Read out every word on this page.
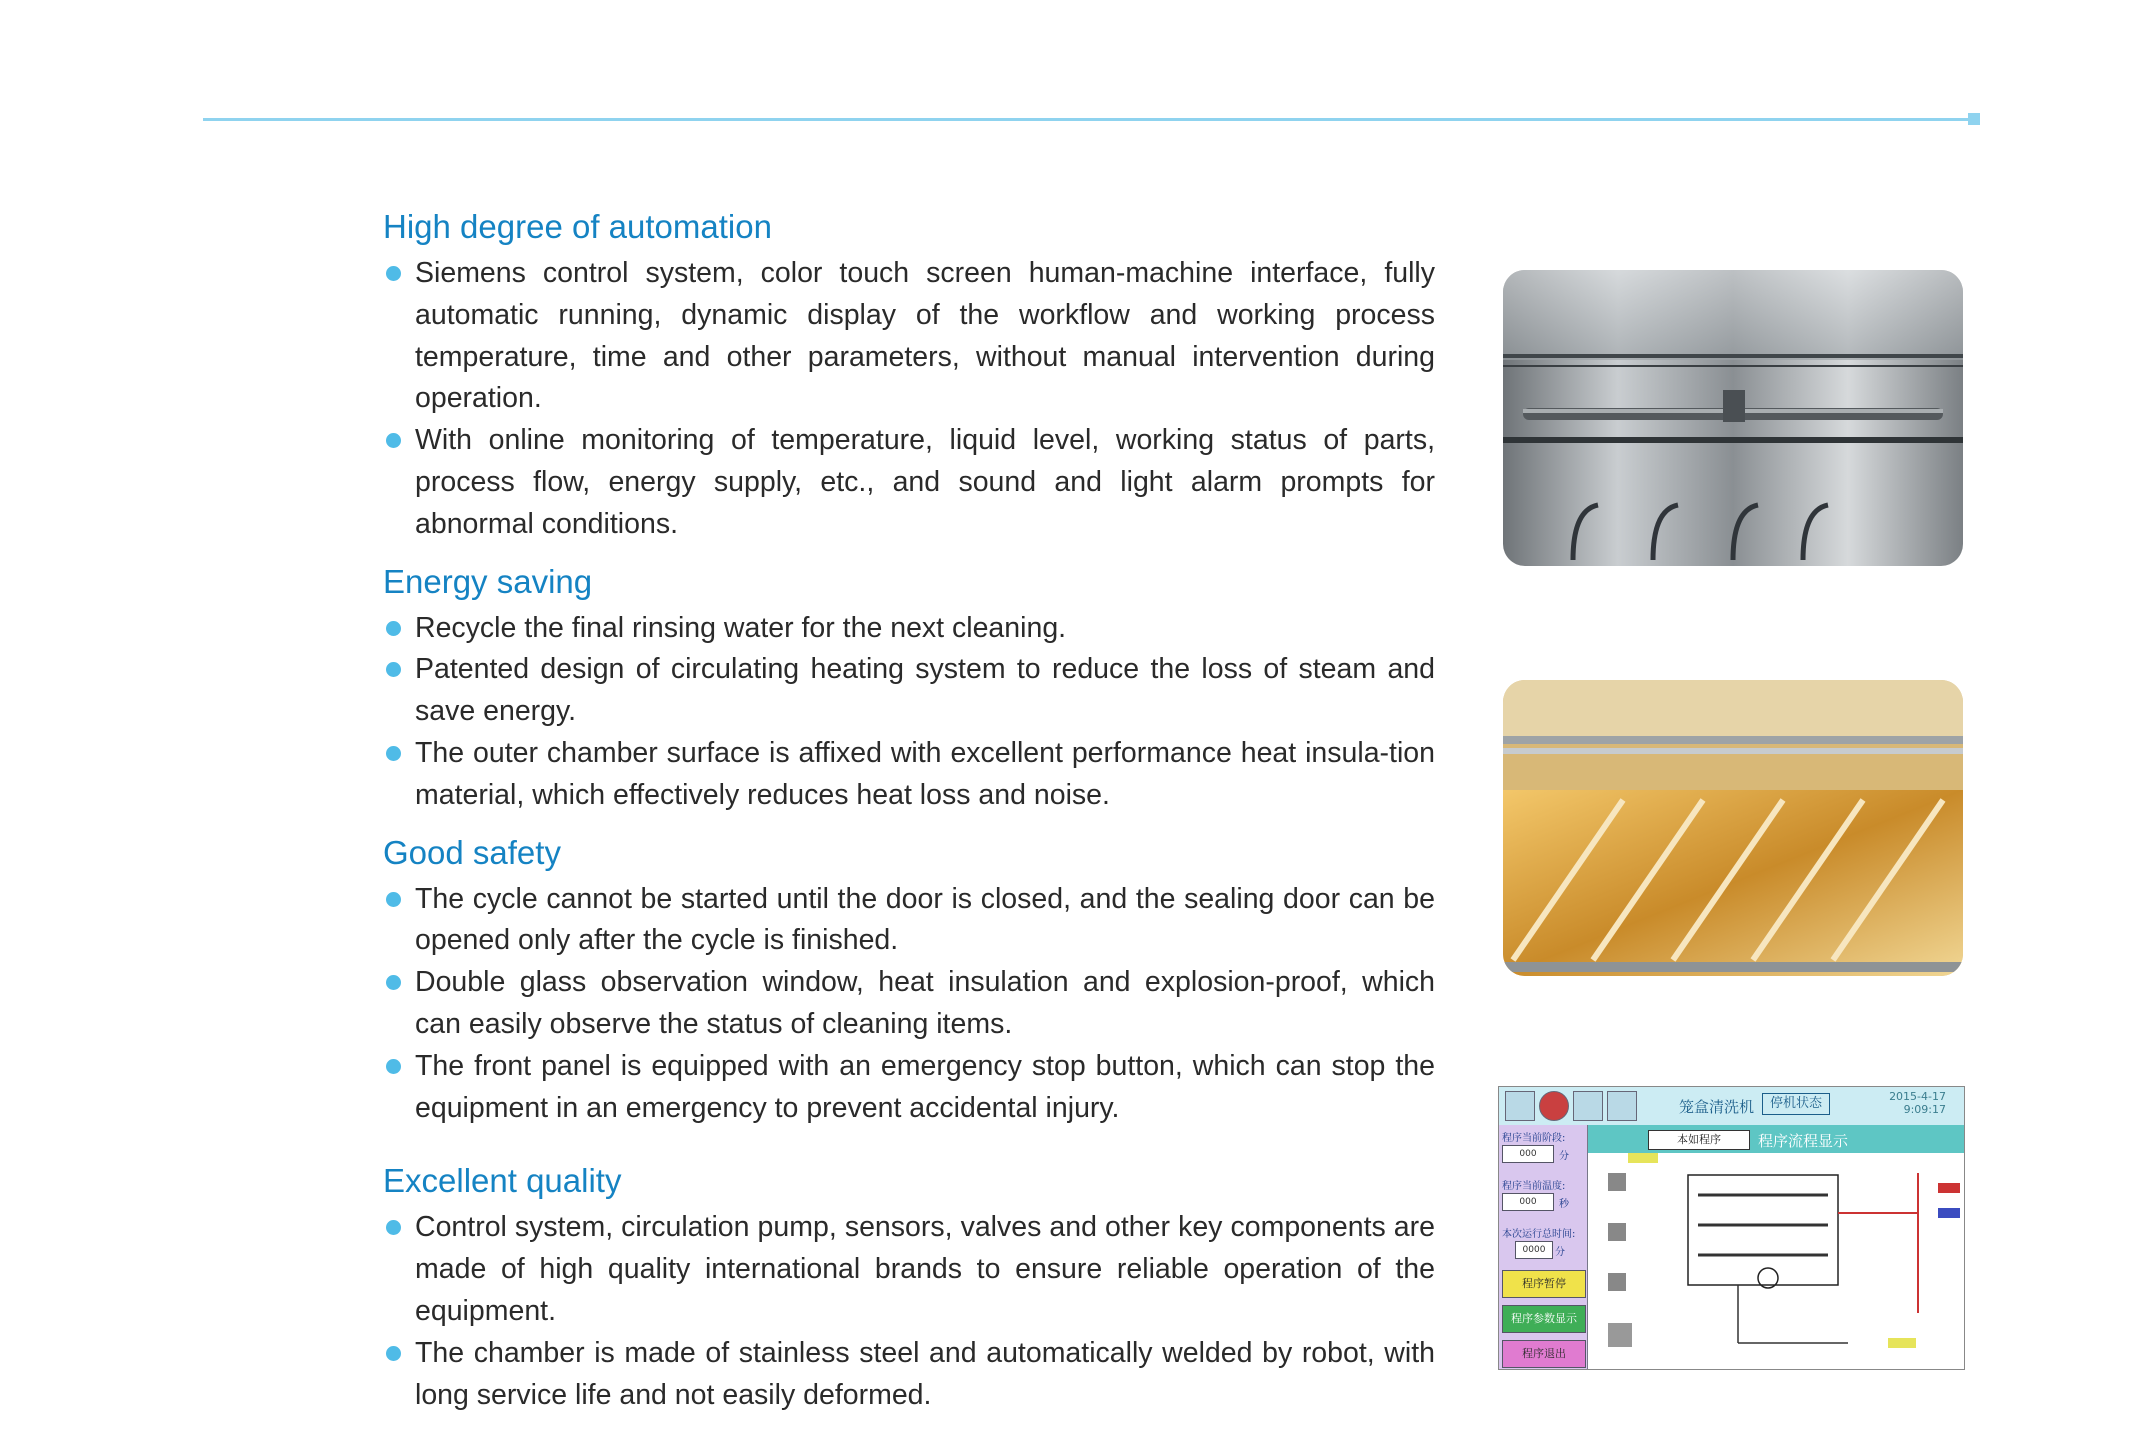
High degree of automation
Siemens control system, color touch screen human-machine interface, fully automatic running, dynamic display of the workflow and working process temperature, time and other parameters, without manual intervention during operation.
With online monitoring of temperature, liquid level, working status of parts, process flow, energy supply, etc., and sound and light alarm prompts for abnormal conditions.
Energy saving
Recycle the final rinsing water for the next cleaning.
Patented design of circulating heating system to reduce the loss of steam and save energy.
The outer chamber surface is affixed with excellent performance heat insula-tion material, which effectively reduces heat loss and noise.
Good safety
The cycle cannot be started until the door is closed, and the sealing door can be opened only after the cycle is finished.
Double glass observation window, heat insulation and explosion-proof, which can easily observe the status of cleaning items.
The front panel is equipped with an emergency stop button, which can stop the equipment in an emergency to prevent accidental injury.
Excellent quality
Control system, circulation pump, sensors, valves and other key components are made of high quality international brands to ensure reliable operation of the equipment.
The chamber is made of stainless steel and automatically welded by robot, with long service life and not easily deformed.
笼盒清洗机	停机状态	2015-4-17
9:09:17
程序当前阶段:
000	分
程序当前温度:
000	秒
本次运行总时间:
0000 分
程序暂停
程序参数显示
程序退出
本如程序	程序流程显示
